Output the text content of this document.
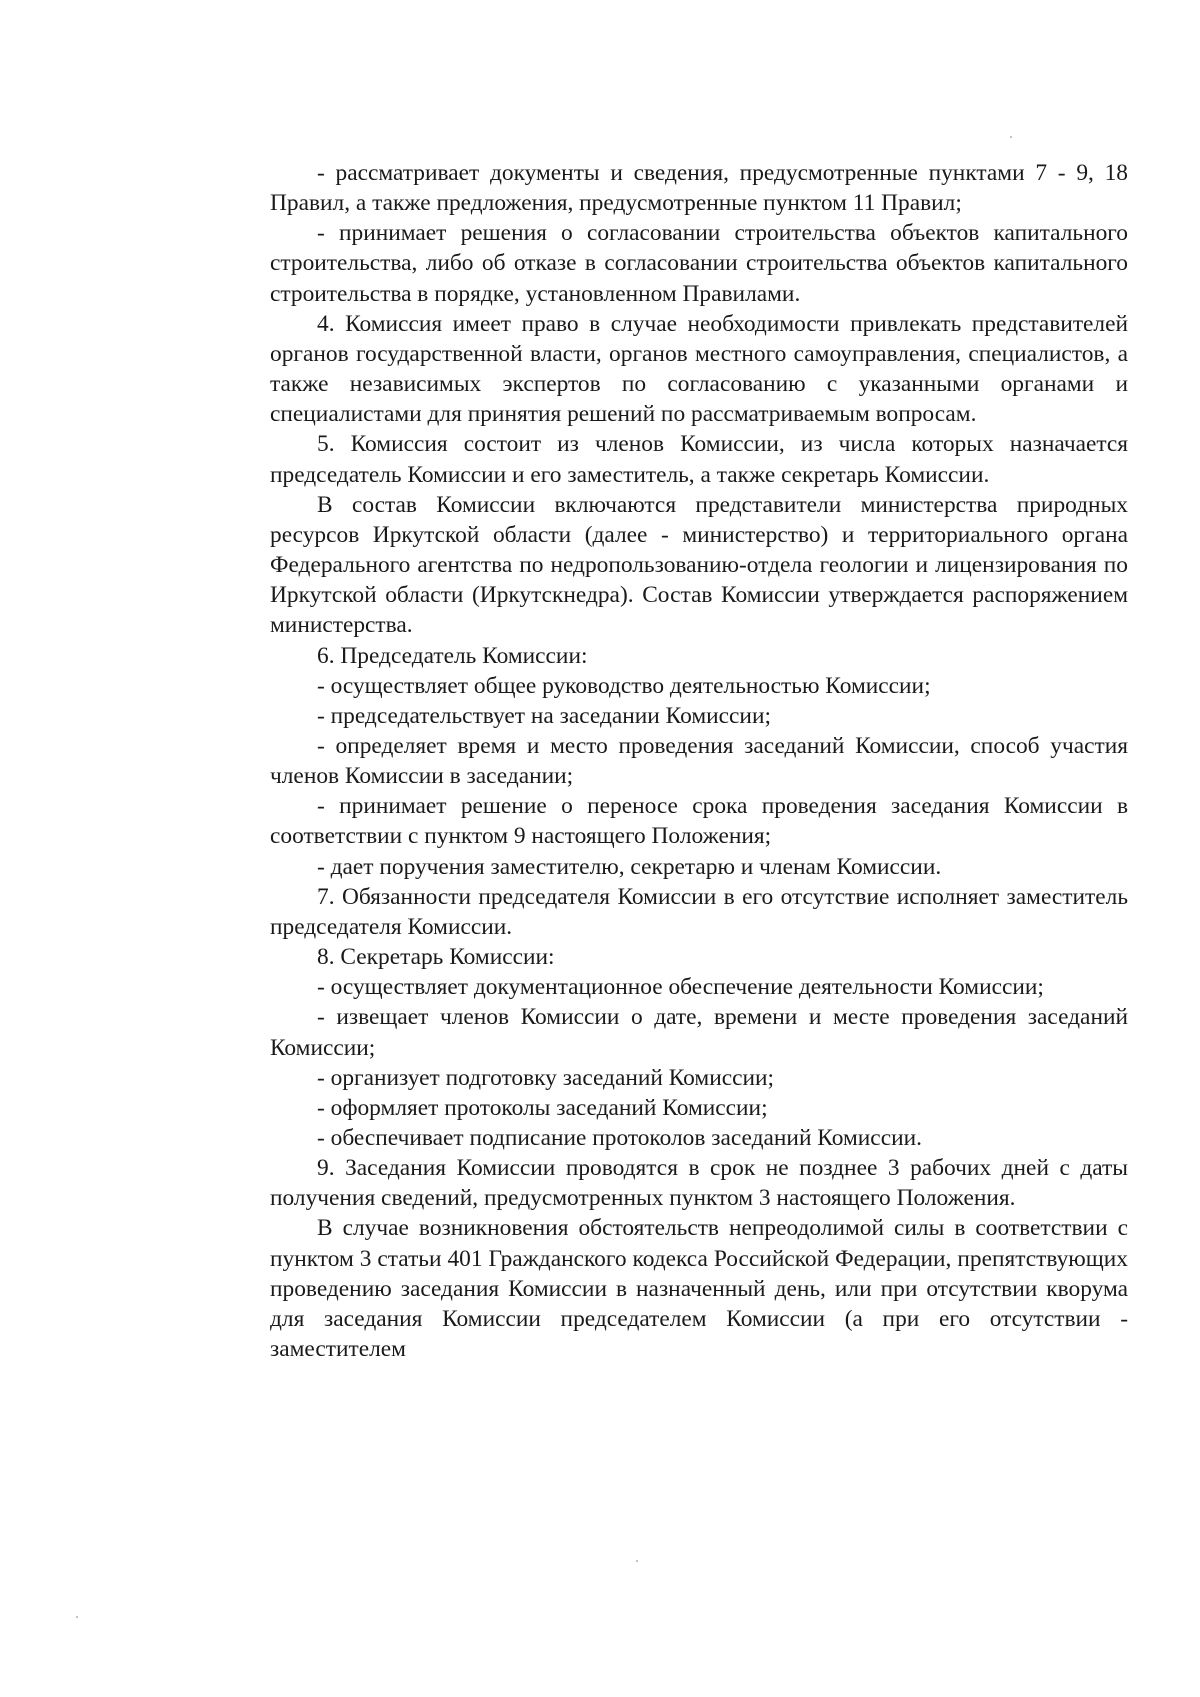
- рассматривает документы и сведения, предусмотренные пунктами 7 - 9, 18 Правил, а также предложения, предусмотренные пунктом 11 Правил;

- принимает решения о согласовании строительства объектов капитального строительства, либо об отказе в согласовании строительства объектов капитального строительства в порядке, установленном Правилами.

4. Комиссия имеет право в случае необходимости привлекать представителей органов государственной власти, органов местного самоуправления, специалистов, а также независимых экспертов по согласованию с указанными органами и специалистами для принятия решений по рассматриваемым вопросам.

5. Комиссия состоит из членов Комиссии, из числа которых назначается председатель Комиссии и его заместитель, а также секретарь Комиссии.

В состав Комиссии включаются представители министерства природных ресурсов Иркутской области (далее - министерство) и территориального органа Федерального агентства по недропользованию-отдела геологии и лицензирования по Иркутской области (Иркутскнедра). Состав Комиссии утверждается распоряжением министерства.

6. Председатель Комиссии:

- осуществляет общее руководство деятельностью Комиссии;

- председательствует на заседании Комиссии;

- определяет время и место проведения заседаний Комиссии, способ участия членов Комиссии в заседании;

- принимает решение о переносе срока проведения заседания Комиссии в соответствии с пунктом 9 настоящего Положения;

- дает поручения заместителю, секретарю и членам Комиссии.

7. Обязанности председателя Комиссии в его отсутствие исполняет заместитель председателя Комиссии.

8. Секретарь Комиссии:

- осуществляет документационное обеспечение деятельности Комиссии;

- извещает членов Комиссии о дате, времени и месте проведения заседаний Комиссии;

- организует подготовку заседаний Комиссии;

- оформляет протоколы заседаний Комиссии;

- обеспечивает подписание протоколов заседаний Комиссии.

9. Заседания Комиссии проводятся в срок не позднее 3 рабочих дней с даты получения сведений, предусмотренных пунктом 3 настоящего Положения.

В случае возникновения обстоятельств непреодолимой силы в соответствии с пунктом 3 статьи 401 Гражданского кодекса Российской Федерации, препятствующих проведению заседания Комиссии в назначенный день, или при отсутствии кворума для заседания Комиссии председателем Комиссии (а при его отсутствии - заместителем
